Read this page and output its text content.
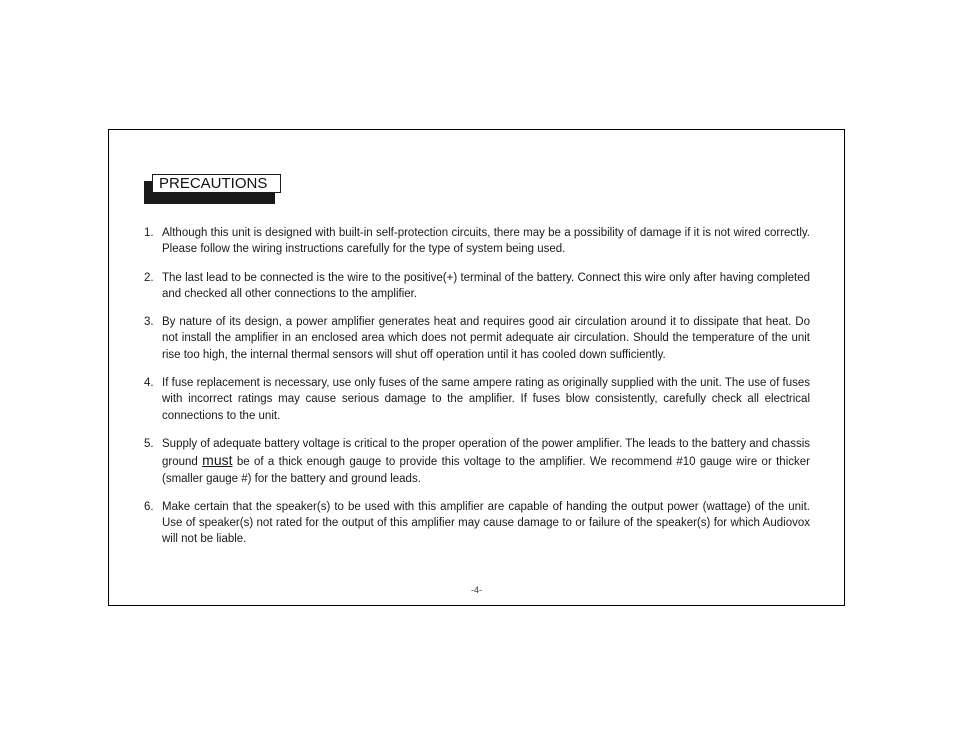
PRECAUTIONS
1. Although this unit is designed with built-in self-protection circuits, there may be a possibility of damage if it is not wired correctly. Please follow the wiring instructions carefully for the type of system being used.
2. The last lead to be connected is the wire to the positive(+) terminal of the battery. Connect this wire only after having completed and checked all other connections to the amplifier.
3. By nature of its design, a power amplifier generates heat and requires good air circulation around it to dissipate that heat. Do not install the amplifier in an enclosed area which does not permit adequate air circulation. Should the temperature of the unit rise too high, the internal thermal sensors will shut off operation until it has cooled down sufficiently.
4. If fuse replacement is necessary, use only fuses of the same ampere rating as originally supplied with the unit. The use of fuses with incorrect ratings may cause serious damage to the amplifier. If fuses blow consistently, carefully check all electrical connections to the unit.
5. Supply of adequate battery voltage is critical to the proper operation of the power amplifier. The leads to the battery and chassis ground must be of a thick enough gauge to provide this voltage to the amplifier. We recommend #10 gauge wire or thicker (smaller gauge #) for the battery and ground leads.
6. Make certain that the speaker(s) to be used with this amplifier are capable of handing the output power (wattage) of the unit. Use of speaker(s) not rated for the output of this amplifier may cause damage to or failure of the speaker(s) for which Audiovox will not be liable.
-4-
